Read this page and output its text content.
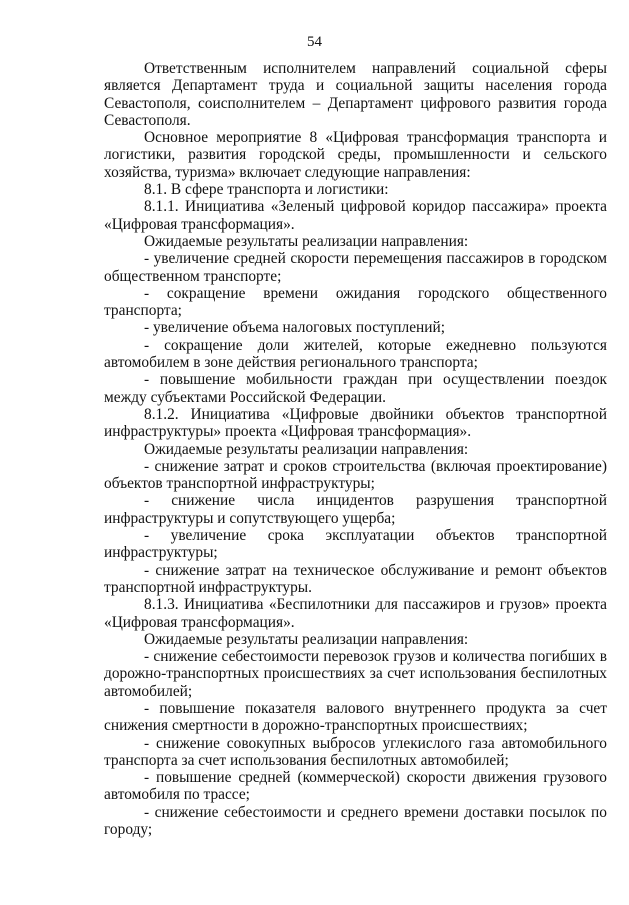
54

Ответственным исполнителем направлений социальной сферы является Департамент труда и социальной защиты населения города Севастополя, соисполнителем – Департамент цифрового развития города Севастополя.

Основное мероприятие 8 «Цифровая трансформация транспорта и логистики, развития городской среды, промышленности и сельского хозяйства, туризма» включает следующие направления:

8.1. В сфере транспорта и логистики:

8.1.1. Инициатива «Зеленый цифровой коридор пассажира» проекта «Цифровая трансформация».

Ожидаемые результаты реализации направления:

- увеличение средней скорости перемещения пассажиров в городском общественном транспорте;

- сокращение времени ожидания городского общественного транспорта;

- увеличение объема налоговых поступлений;

- сокращение доли жителей, которые ежедневно пользуются автомобилем в зоне действия регионального транспорта;

- повышение мобильности граждан при осуществлении поездок между субъектами Российской Федерации.

8.1.2. Инициатива «Цифровые двойники объектов транспортной инфраструктуры» проекта «Цифровая трансформация».

Ожидаемые результаты реализации направления:

- снижение затрат и сроков строительства (включая проектирование) объектов транспортной инфраструктуры;

- снижение числа инцидентов разрушения транспортной инфраструктуры и сопутствующего ущерба;

- увеличение срока эксплуатации объектов транспортной инфраструктуры;

- снижение затрат на техническое обслуживание и ремонт объектов транспортной инфраструктуры.

8.1.3. Инициатива «Беспилотники для пассажиров и грузов» проекта «Цифровая трансформация».

Ожидаемые результаты реализации направления:

- снижение себестоимости перевозок грузов и количества погибших в дорожно-транспортных происшествиях за счет использования беспилотных автомобилей;

- повышение показателя валового внутреннего продукта за счет снижения смертности в дорожно-транспортных происшествиях;

- снижение совокупных выбросов углекислого газа автомобильного транспорта за счет использования беспилотных автомобилей;

- повышение средней (коммерческой) скорости движения грузового автомобиля по трассе;

- снижение себестоимости и среднего времени доставки посылок по городу;
